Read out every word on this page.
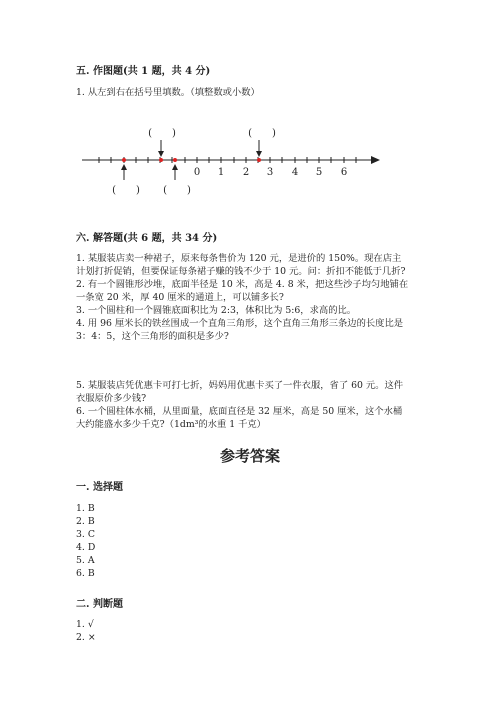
五. 作图题(共 1 题，共 4 分)
1. 从左到右在括号里填数。（填整数或小数）
0 1 2 3 4 5 6
(　　)	(　　)
(　　) (　　)
六. 解答题(共 6 题，共 34 分)
1. 某服装店卖一种裙子，原来每条售价为 120 元，是进价的 150%。现在店主
计划打折促销，但要保证每条裙子赚的钱不少于 10 元。问：折扣不能低于几折?
2. 有一个圆锥形沙堆，底面半径是 10 米，高是 4. 8 米，把这些沙子均匀地铺在
一条宽 20 米，厚 40 厘米的通道上，可以铺多长?
3. 一个圆柱和一个圆锥底面积比为 2:3，体积比为 5:6，求高的比。
4. 用 96 厘米长的铁丝围成一个直角三角形，这个直角三角形三条边的长度比是
3：4：5，这个三角形的面积是多少?
5. 某服装店凭优惠卡可打七折，妈妈用优惠卡买了一件衣服，省了 60 元。这件
衣服原价多少钱?
6. 一个圆柱体水桶，从里面量，底面直径是 32 厘米，高是 50 厘米，这个水桶
大约能盛水多少千克?（1dm³的水重 1 千克）
参考答案
一. 选择题
1. B
2. B
3. C
4. D
5. A
6. B
二. 判断题
1. √
2. ×
